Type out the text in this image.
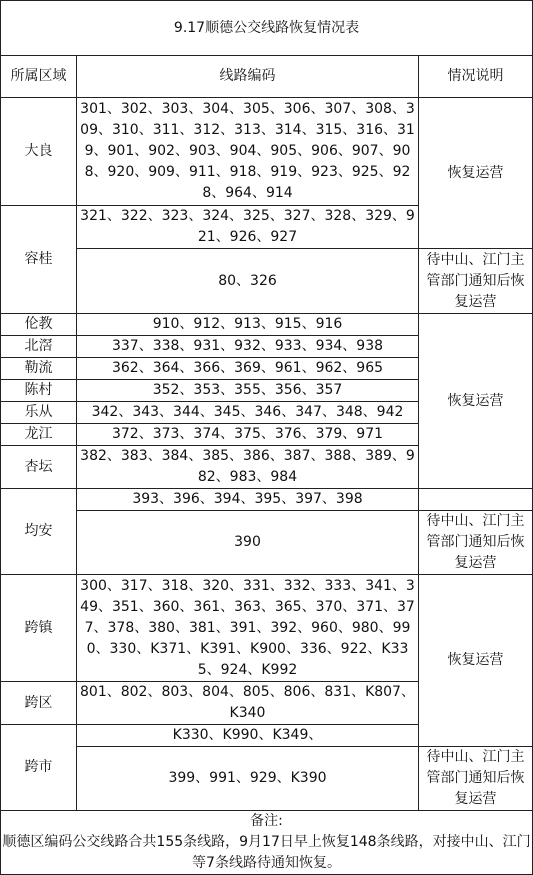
9.17顺德公交线路恢复情况表		
所属区域	线路编码	情况说明
大良	301、302、303、304、305、306、307、308、309、310、311、312、313、314、315、316、319、901、902、903、904、905、906、907、908、920、909、911、918、919、923、925、928、964、914	恢复运营
容桂	321、322、323、324、325、327、328、329、921、926、927	
	80、326	待中山、江门主管部门通知后恢复运营
伦教	910、912、913、915、916	恢复运营
北滘	337、338、931、932、933、934、938	
勒流	362、364、366、369、961、962、965	
陈村	352、353、355、356、357	
乐从	342、343、344、345、346、347、348、942	
龙江	372、373、374、375、376、379、971	
杏坛	382、383、384、385、386、387、388、389、982、983、984	
均安	393、396、394、395、397、398	
	390	待中山、江门主管部门通知后恢复运营
跨镇	300、317、318、320、331、332、333、341、349、351、360、361、363、365、370、371、377、378、380、381、391、392、960、980、990、330、K371、K391、K900、336、922、K335、924、K992	恢复运营
跨区	801、802、803、804、805、806、831、K807、K340	
跨市	K330、K990、K349、	
	399、991、929、K390	待中山、江门主管部门通知后恢复运营

备注:
顺德区编码公交线路合共155条线路，9月17日早上恢复148条线路，对接中山、江门等7条线路待通知恢复。		
